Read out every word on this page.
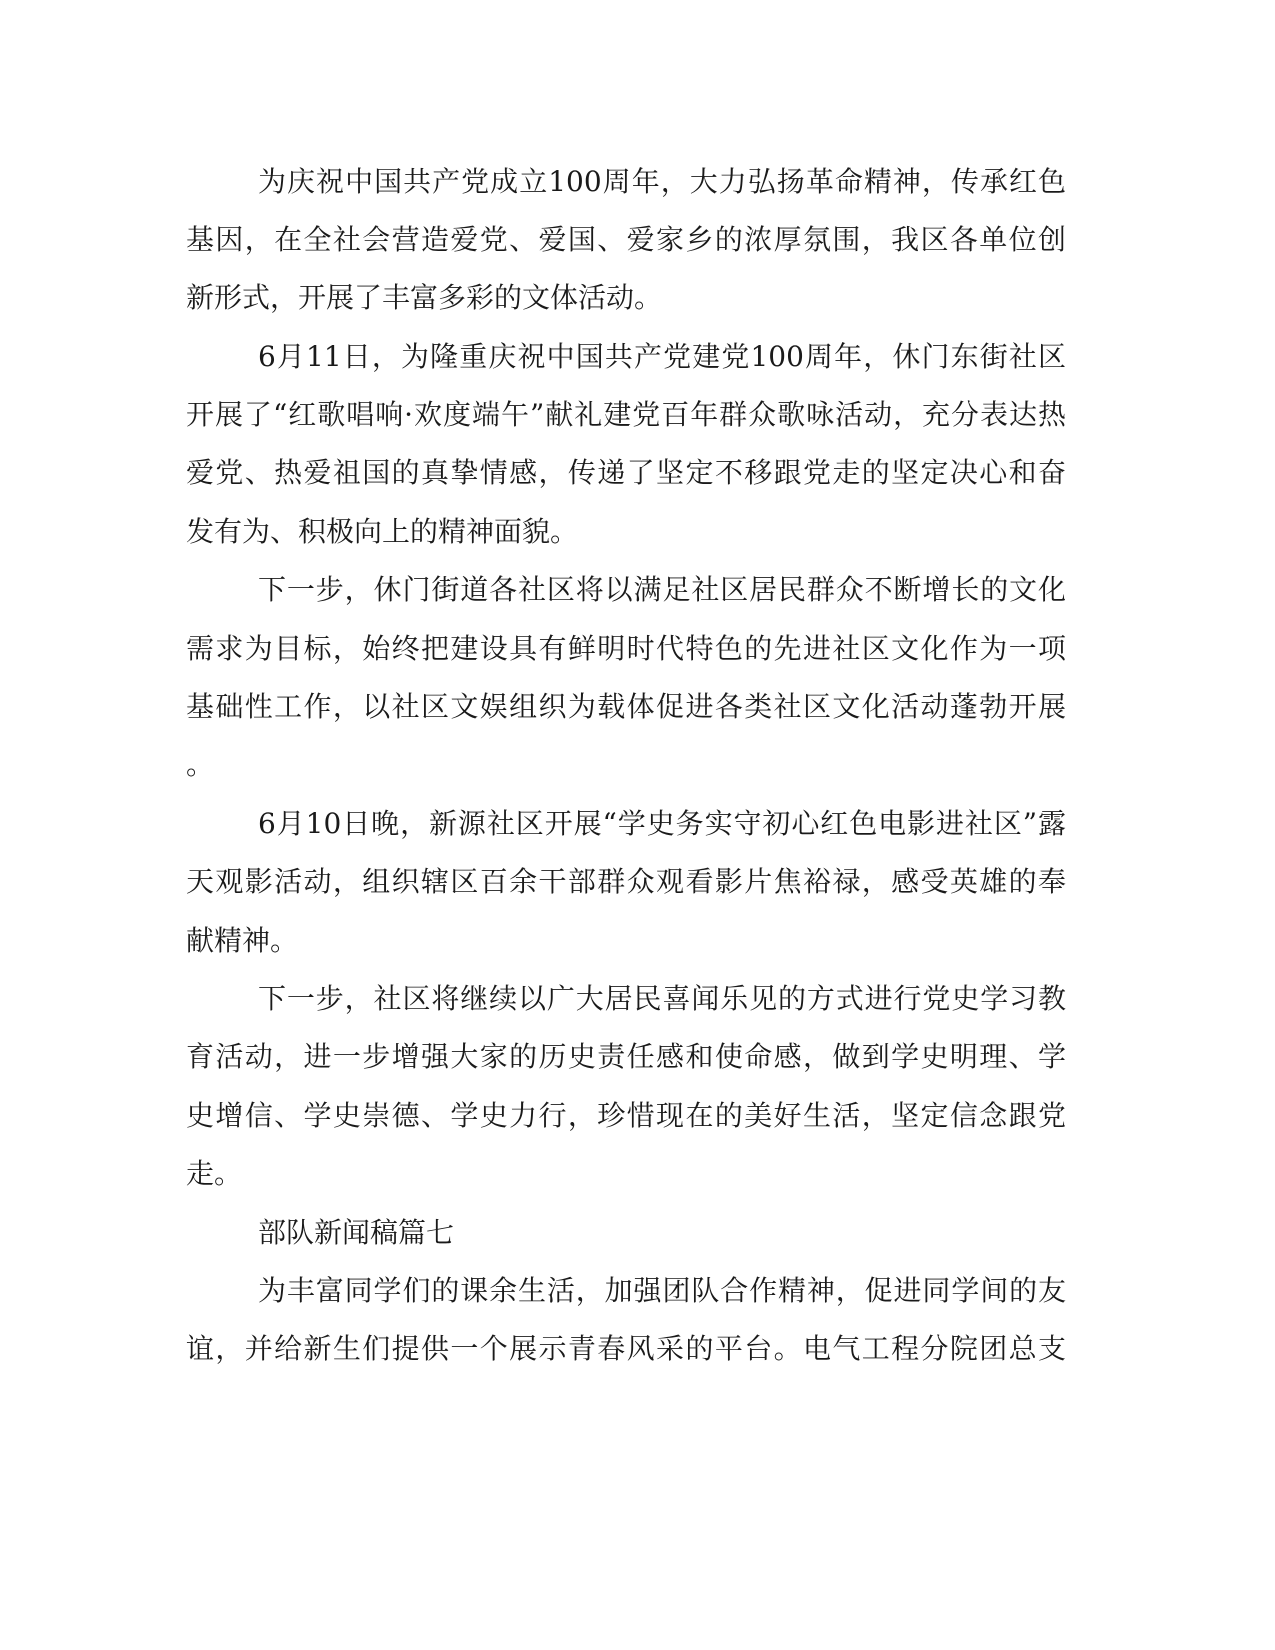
为庆祝中国共产党成立100周年，大力弘扬革命精神，传承红色
基因，在全社会营造爱党、爱国、爱家乡的浓厚氛围，我区各单位创
新形式，开展了丰富多彩的文体活动。
6月11日，为隆重庆祝中国共产党建党100周年，休门东街社区
开展了“红歌唱响·欢度端午”献礼建党百年群众歌咏活动，充分表达热
爱党、热爱祖国的真挚情感，传递了坚定不移跟党走的坚定决心和奋
发有为、积极向上的精神面貌。
下一步，休门街道各社区将以满足社区居民群众不断增长的文化
需求为目标，始终把建设具有鲜明时代特色的先进社区文化作为一项
基础性工作，以社区文娱组织为载体促进各类社区文化活动蓬勃开展
。
6月10日晚，新源社区开展“学史务实守初心红色电影进社区”露
天观影活动，组织辖区百余干部群众观看影片焦裕禄，感受英雄的奉
献精神。
下一步，社区将继续以广大居民喜闻乐见的方式进行党史学习教
育活动，进一步增强大家的历史责任感和使命感，做到学史明理、学
史增信、学史崇德、学史力行，珍惜现在的美好生活，坚定信念跟党
走。
部队新闻稿篇七
为丰富同学们的课余生活，加强团队合作精神，促进同学间的友
谊，并给新生们提供一个展示青春风采的平台。电气工程分院团总支
